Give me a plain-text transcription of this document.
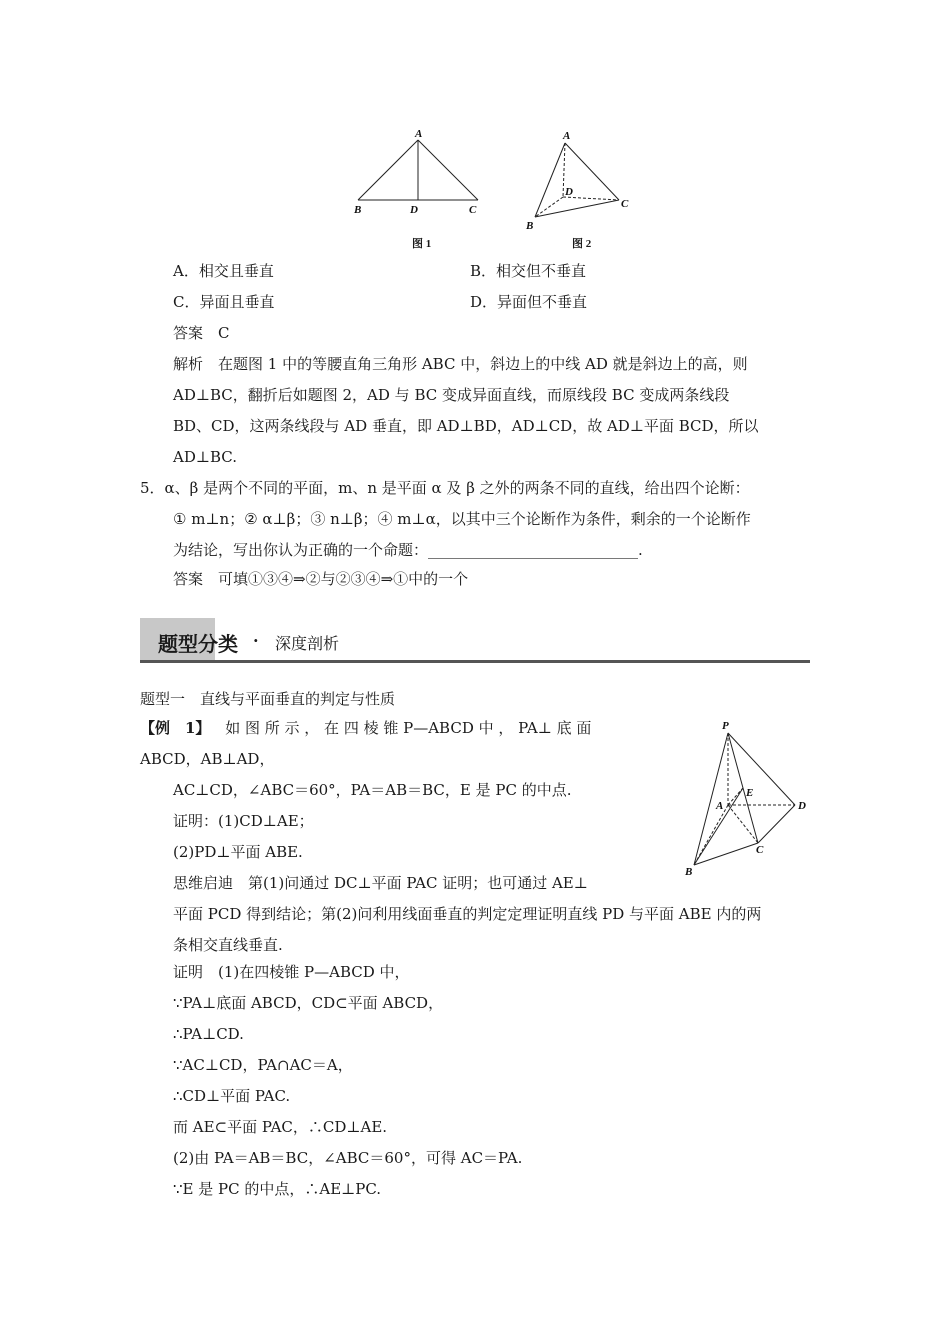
A
B	D	C
图 1
A
D
C
B
图 2
A．相交且垂直	B．相交但不垂直
C．异面且垂直	D．异面但不垂直
答案　C
解析　在题图 1 中的等腰直角三角形 ABC 中，斜边上的中线 AD 就是斜边上的高，则
AD⊥BC，翻折后如题图 2，AD 与 BC 变成异面直线，而原线段 BC 变成两条线段
BD、CD，这两条线段与 AD 垂直，即 AD⊥BD，AD⊥CD，故 AD⊥平面 BCD，所以
AD⊥BC.
5．α、β 是两个不同的平面，m、n 是平面 α 及 β 之外的两条不同的直线，给出四个论断：
① m⊥n；② α⊥β；③ n⊥β；④ m⊥α，以其中三个论断作为条件，剩余的一个论断作
为结论，写出你认为正确的一个命题：____________________________.
答案　可填①③④⇒②与②③④⇒①中的一个
题型分类 · 深度剖析
题型一　直线与平面垂直的判定与性质
【例　1】 如 图 所 示 ， 在 四 棱 锥 P—ABCD 中 ， PA⊥ 底 面
ABCD，AB⊥AD，
AC⊥CD，∠ABC＝60°，PA＝AB＝BC，E 是 PC 的中点.
证明：(1)CD⊥AE；
(2)PD⊥平面 ABE.
P
E
A	D
C
B
思维启迪　第(1)问通过 DC⊥平面 PAC 证明；也可通过 AE⊥
平面 PCD 得到结论；第(2)问利用线面垂直的判定定理证明直线 PD 与平面 ABE 内的两
条相交直线垂直.
证明　(1)在四棱锥 P—ABCD 中，
∵PA⊥底面 ABCD，CD⊂平面 ABCD，
∴PA⊥CD.
∵AC⊥CD，PA∩AC＝A，
∴CD⊥平面 PAC.
而 AE⊂平面 PAC，∴CD⊥AE.
(2)由 PA＝AB＝BC，∠ABC＝60°，可得 AC＝PA.
∵E 是 PC 的中点，∴AE⊥PC.
